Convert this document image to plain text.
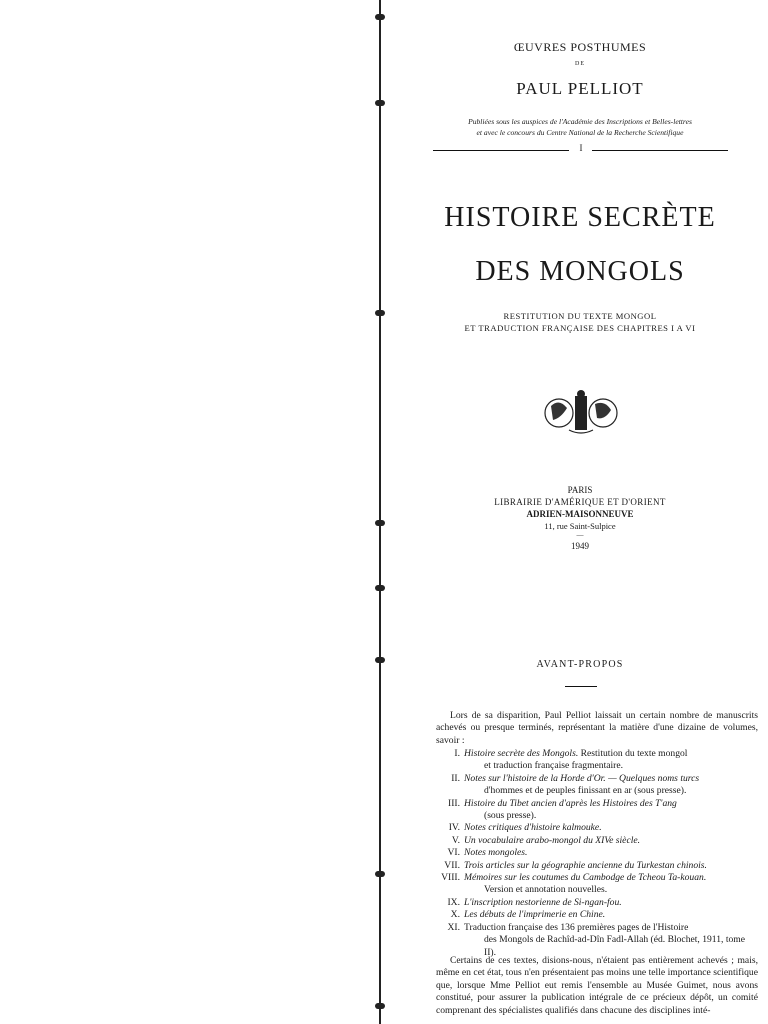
ŒUVRES POSTHUMES
DE
PAUL PELLIOT
Publiées sous les auspices de l'Académie des Inscriptions et Belles-lettres
et avec le concours du Centre National de la Recherche Scientifique
I
HISTOIRE SECRÈTE
DES MONGOLS
RESTITUTION DU TEXTE MONGOL
ET TRADUCTION FRANÇAISE DES CHAPITRES I A VI
PARIS
LIBRAIRIE D'AMÉRIQUE ET D'ORIENT
ADRIEN-MAISONNEUVE
11, rue Saint-Sulpice
—
1949
AVANT-PROPOS

Lors de sa disparition, Paul Pelliot laissait un certain nombre de manuscrits achevés ou presque terminés, représentant la matière d'une dizaine de volumes, savoir :

I. Histoire secrète des Mongols. Restitution du texte mongol
et traduction française fragmentaire.
II. Notes sur l'histoire de la Horde d'Or. — Quelques noms turcs
d'hommes et de peuples finissant en ar (sous presse).
III. Histoire du Tibet ancien d'après les Histoires des T'ang
(sous presse).
IV. Notes critiques d'histoire kalmouke.
V. Un vocabulaire arabo-mongol du XIVe siècle.
VI. Notes mongoles.
VII. Trois articles sur la géographie ancienne du Turkestan chinois.
VIII. Mémoires sur les coutumes du Cambodge de Tcheou Ta-kouan.
Version et annotation nouvelles.
IX. L'inscription nestorienne de Si-ngan-fou.
X. Les débuts de l'imprimerie en Chine.
XI. Traduction française des 136 premières pages de l'Histoire
des Mongols de Rachîd-ad-Dîn Fadl-Allah (éd. Blochet, 1911, tome II).

Certains de ces textes, disions-nous, n'étaient pas entièrement achevés ; mais, même en cet état, tous n'en présentaient pas moins une telle importance scientifique que, lorsque Mme Pelliot eut remis l'ensemble au Musée Guimet, nous avons constitué, pour assurer la publication intégrale de ce précieux dépôt, un comité comprenant des spécialistes qualifiés dans chacune des disciplines inté-
